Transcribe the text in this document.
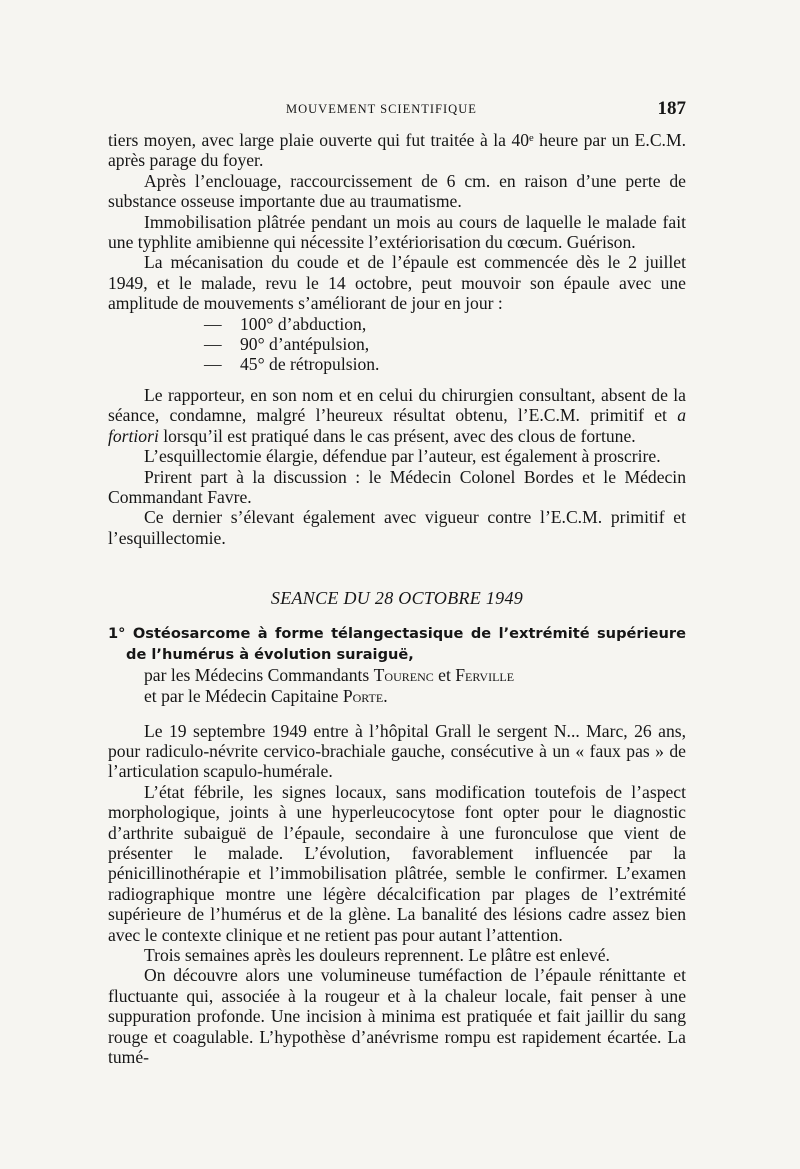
MOUVEMENT SCIENTIFIQUE	187

tiers moyen, avec large plaie ouverte qui fut traitée à la 40ᵉ heure par un E.C.M. après parage du foyer.

Après l’enclouage, raccourcissement de 6 cm. en raison d’une perte de substance osseuse importante due au traumatisme.

Immobilisation plâtrée pendant un mois au cours de laquelle le malade fait une typhlite amibienne qui nécessite l’extériorisation du cœcum. Guérison.

La mécanisation du coude et de l’épaule est commencée dès le 2 juillet 1949, et le malade, revu le 14 octobre, peut mouvoir son épaule avec une amplitude de mouvements s’améliorant de jour en jour :

— 100° d’abduction,
— 90° d’antépulsion,
— 45° de rétropulsion.

Le rapporteur, en son nom et en celui du chirurgien consultant, absent de la séance, condamne, malgré l’heureux résultat obtenu, l’E.C.M. primitif et a fortiori lorsqu’il est pratiqué dans le cas présent, avec des clous de fortune.

L’esquillectomie élargie, défendue par l’auteur, est également à proscrire.

Prirent part à la discussion : le Médecin Colonel Bordes et le Médecin Commandant Favre.

Ce dernier s’élevant également avec vigueur contre l’E.C.M. primitif et l’esquillectomie.

SEANCE DU 28 OCTOBRE 1949
1° Ostéosarcome à forme télangectasique de l’extrémité supérieure de l’humérus à évolution suraiguë,
par les Médecins Commandants Tourenc et Ferville
et par le Médecin Capitaine Porte.

Le 19 septembre 1949 entre à l’hôpital Grall le sergent N... Marc, 26 ans, pour radiculo-névrite cervico-brachiale gauche, consécutive à un « faux pas » de l’articulation scapulo-humérale.

L’état fébrile, les signes locaux, sans modification toutefois de l’aspect morphologique, joints à une hyperleucocytose font opter pour le diagnostic d’arthrite subaiguë de l’épaule, secondaire à une furonculose que vient de présenter le malade. L’évolution, favorablement influencée par la pénicillinothérapie et l’immobilisation plâtrée, semble le confirmer. L’examen radiographique montre une légère décalcification par plages de l’extrémité supérieure de l’humérus et de la glène. La banalité des lésions cadre assez bien avec le contexte clinique et ne retient pas pour autant l’attention.

Trois semaines après les douleurs reprennent. Le plâtre est enlevé.

On découvre alors une volumineuse tuméfaction de l’épaule rénittante et fluctuante qui, associée à la rougeur et à la chaleur locale, fait penser à une suppuration profonde. Une incision à minima est pratiquée et fait jaillir du sang rouge et coagulable. L’hypothèse d’anévrisme rompu est rapidement écartée. La tumé-
